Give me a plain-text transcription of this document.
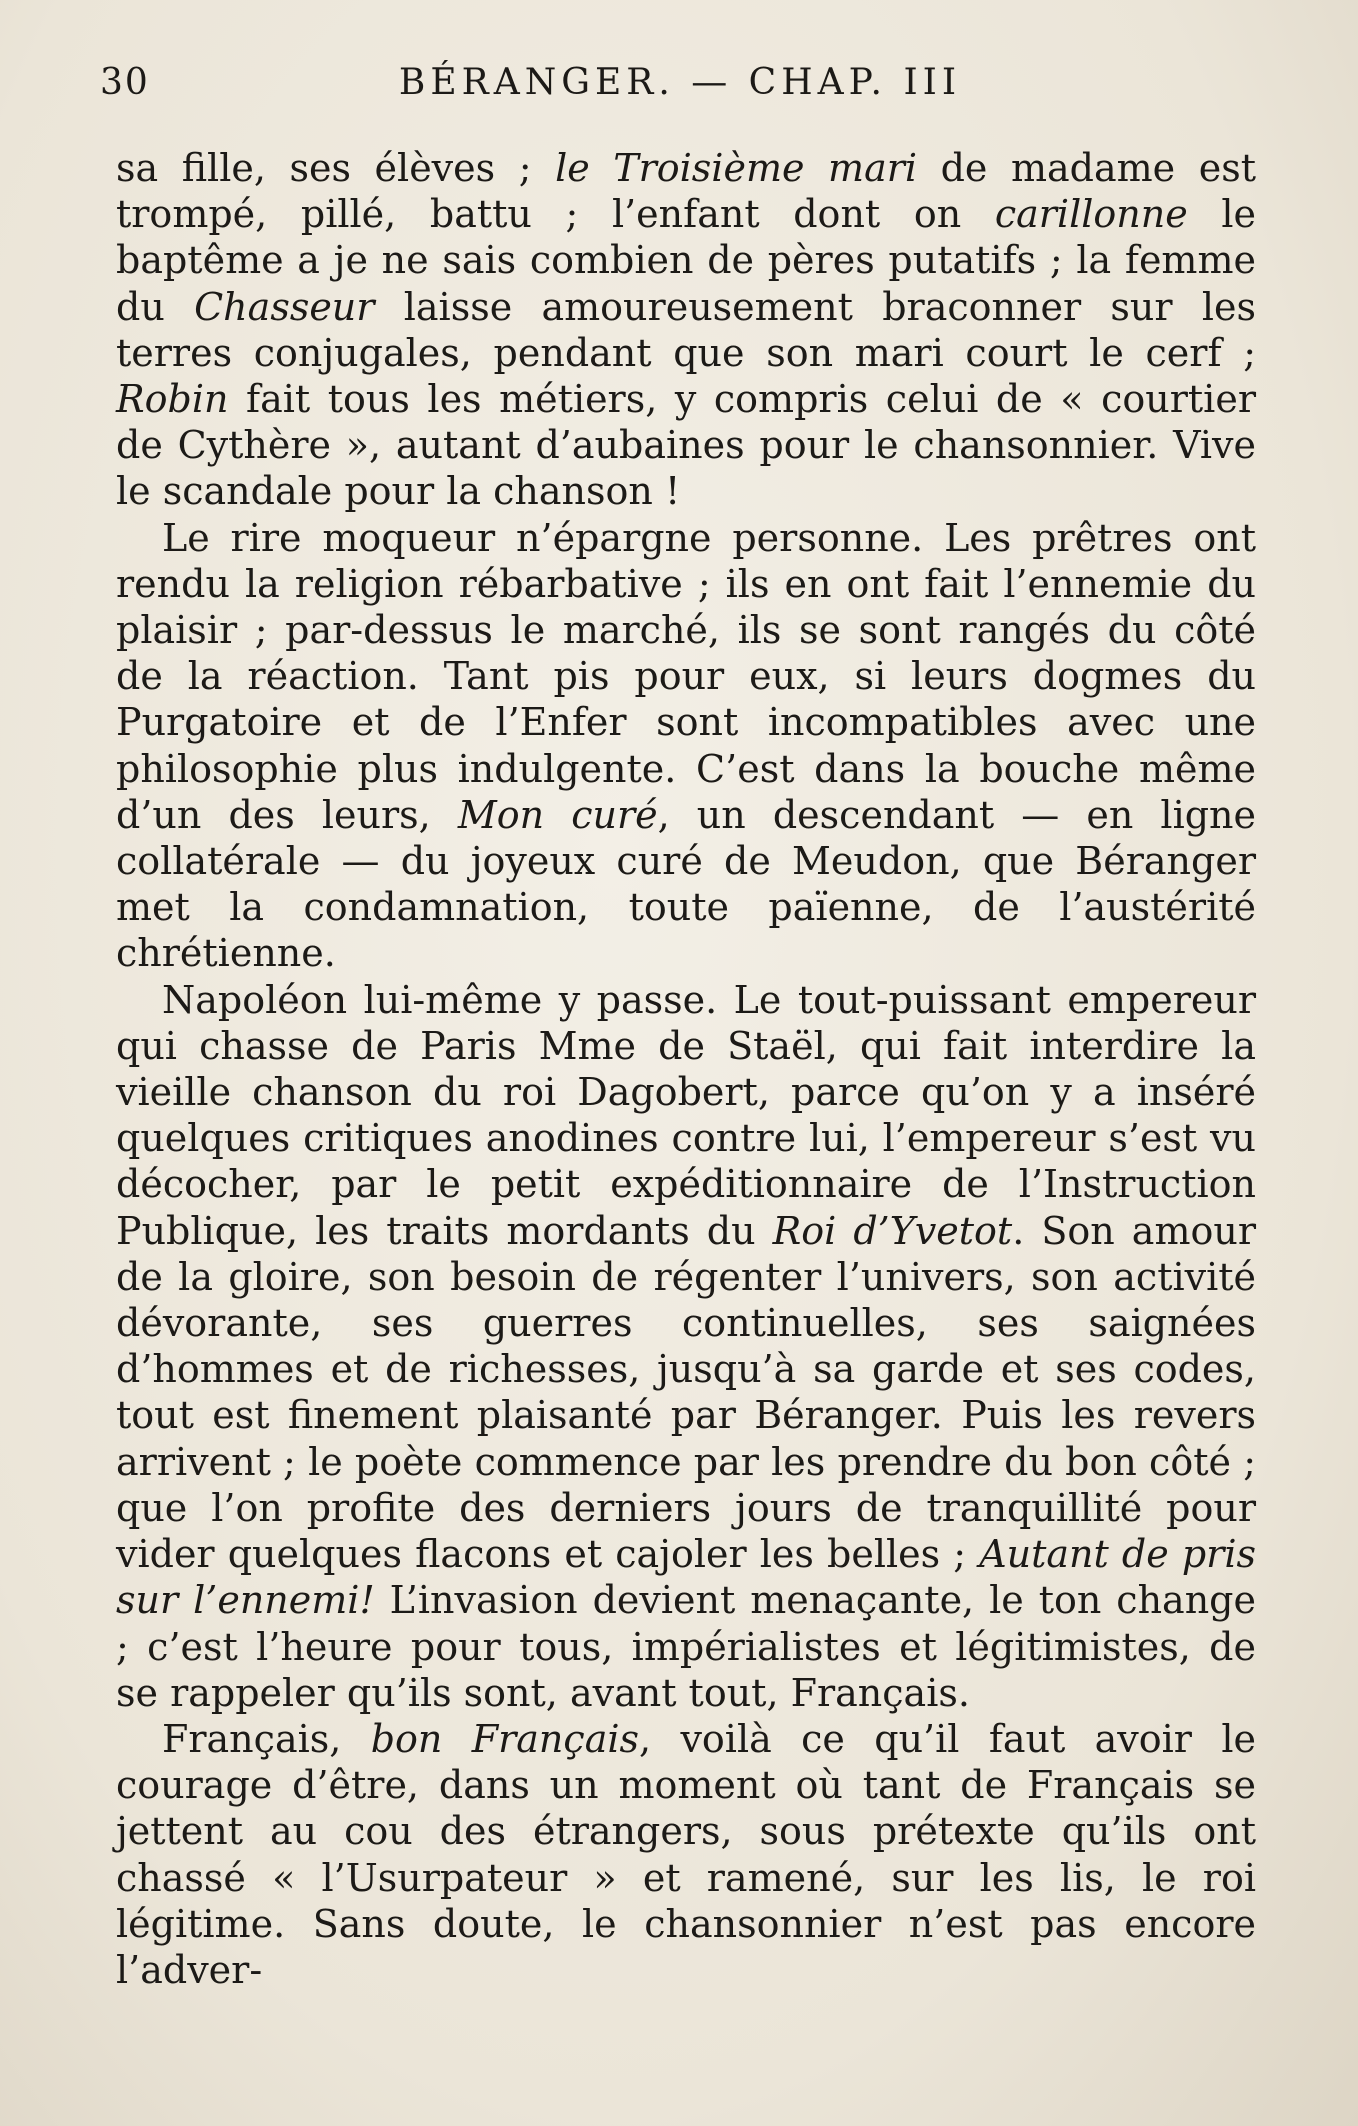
30	BÉRANGER. — CHAP. III

sa fille, ses élèves ; le Troisième mari de madame est trompé, pillé, battu ; l’enfant dont on carillonne le baptême a je ne sais combien de pères putatifs ; la femme du Chasseur laisse amoureusement braconner sur les terres conjugales, pendant que son mari court le cerf ; Robin fait tous les métiers, y compris celui de « courtier de Cythère », autant d’aubaines pour le chansonnier. Vive le scandale pour la chanson !

Le rire moqueur n’épargne personne. Les prêtres ont rendu la religion rébarbative ; ils en ont fait l’ennemie du plaisir ; par-dessus le marché, ils se sont rangés du côté de la réaction. Tant pis pour eux, si leurs dogmes du Purgatoire et de l’Enfer sont incompatibles avec une philosophie plus indulgente. C’est dans la bouche même d’un des leurs, Mon curé, un descendant — en ligne collatérale — du joyeux curé de Meudon, que Béranger met la condamnation, toute païenne, de l’austérité chrétienne.

Napoléon lui-même y passe. Le tout-puissant empereur qui chasse de Paris Mme de Staël, qui fait interdire la vieille chanson du roi Dagobert, parce qu’on y a inséré quelques critiques anodines contre lui, l’empereur s’est vu décocher, par le petit expéditionnaire de l’Instruction Publique, les traits mordants du Roi d’Yvetot. Son amour de la gloire, son besoin de régenter l’univers, son activité dévorante, ses guerres continuelles, ses saignées d’hommes et de richesses, jusqu’à sa garde et ses codes, tout est finement plaisanté par Béranger. Puis les revers arrivent ; le poète commence par les prendre du bon côté ; que l’on profite des derniers jours de tranquillité pour vider quelques flacons et cajoler les belles ; Autant de pris sur l’ennemi! L’invasion devient menaçante, le ton change ; c’est l’heure pour tous, impérialistes et légitimistes, de se rappeler qu’ils sont, avant tout, Français.

Français, bon Français, voilà ce qu’il faut avoir le courage d’être, dans un moment où tant de Français se jettent au cou des étrangers, sous prétexte qu’ils ont chassé « l’Usurpateur » et ramené, sur les lis, le roi légitime. Sans doute, le chansonnier n’est pas encore l’adver-
